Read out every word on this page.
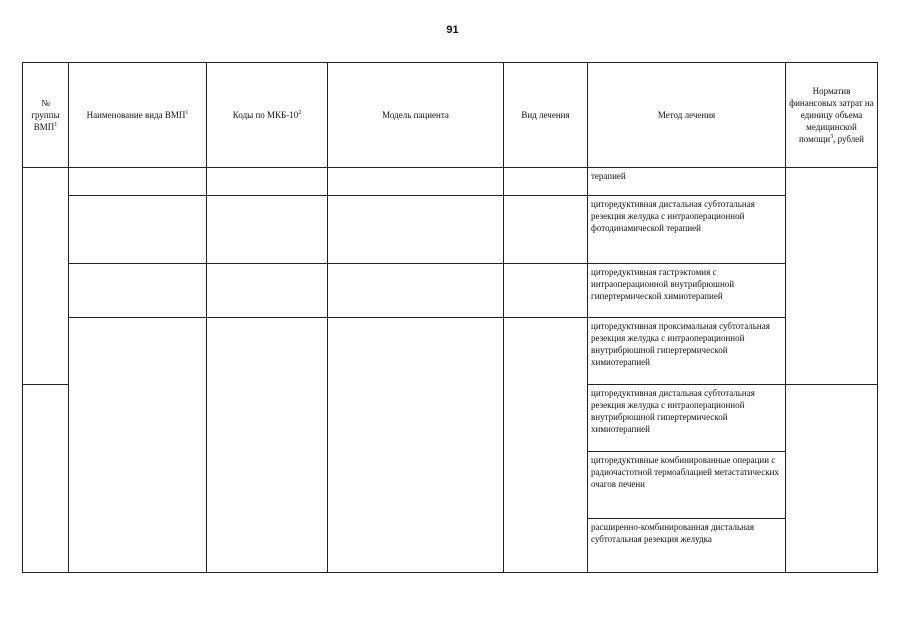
91
№ группы ВМП$^1$	Наименование вида ВМП$^1$	Коды по МКБ-$10^2$	Модель пациента	Вид лечения	Метод лечения	Норматив финансовых затрат на единицу объема медицинской помощи$^3$, рублей
					терапией	
					циторедуктивная дистальная субтотальная резекция желудка с интраоперационной фотодинамической терапией	
					циторедуктивная гастрэктомия с интраоперационной внутрибрюшной гипертермической химиотерапией	
					циторедуктивная проксимальная субтотальная резекция желудка с интраоперационной внутрибрюшной гипертермической химиотерапией	
					циторедуктивная дистальная субтотальная резекция желудка с интраоперационной внутрибрюшной гипертермической химиотерапией	
					циторедуктивные комбинированные операции с радиочастотной термоаблацией метастатических очагов печени	
					расширенно-комбинированная дистальная субтотальная резекция желудка	
